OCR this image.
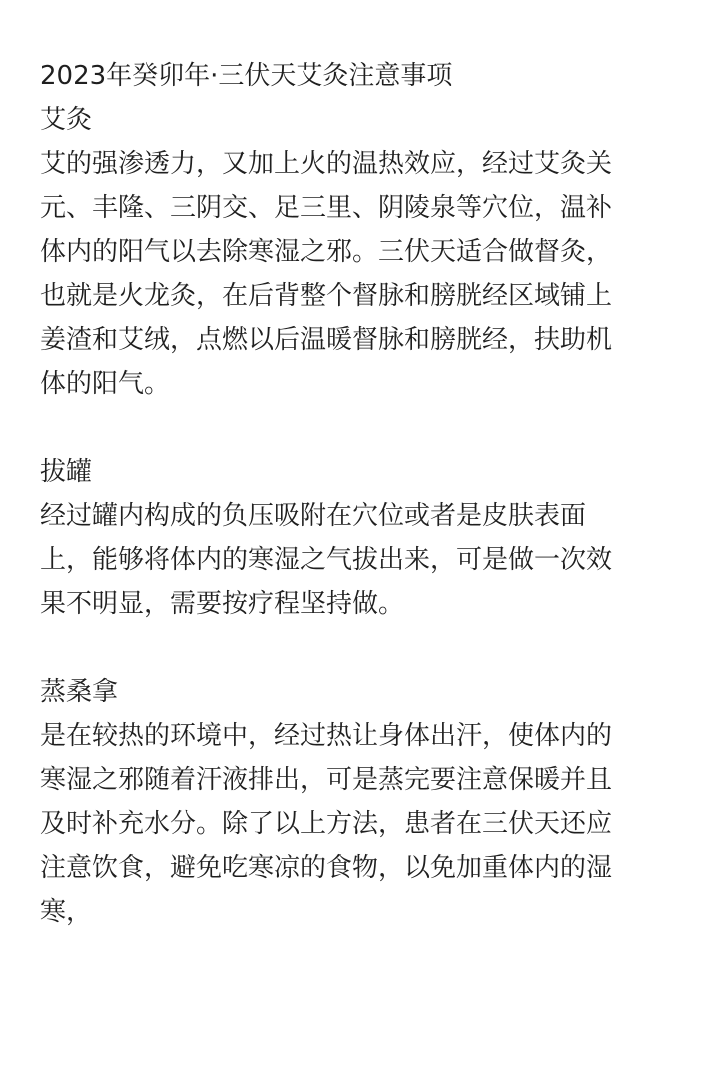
2023年癸卯年·三伏天艾灸注意事项
艾灸
艾的强渗透力，又加上火的温热效应，经过艾灸关
元、丰隆、三阴交、足三里、阴陵泉等穴位，温补
体内的阳气以去除寒湿之邪。三伏天适合做督灸，
也就是火龙灸，在后背整个督脉和膀胱经区域铺上
姜渣和艾绒，点燃以后温暖督脉和膀胱经，扶助机
体的阳气。
拔罐
经过罐内构成的负压吸附在穴位或者是皮肤表面
上，能够将体内的寒湿之气拔出来，可是做一次效
果不明显，需要按疗程坚持做。
蒸桑拿
是在较热的环境中，经过热让身体出汗，使体内的
寒湿之邪随着汗液排出，可是蒸完要注意保暖并且
及时补充水分。除了以上方法，患者在三伏天还应
注意饮食，避免吃寒凉的食物，以免加重体内的湿
寒，
